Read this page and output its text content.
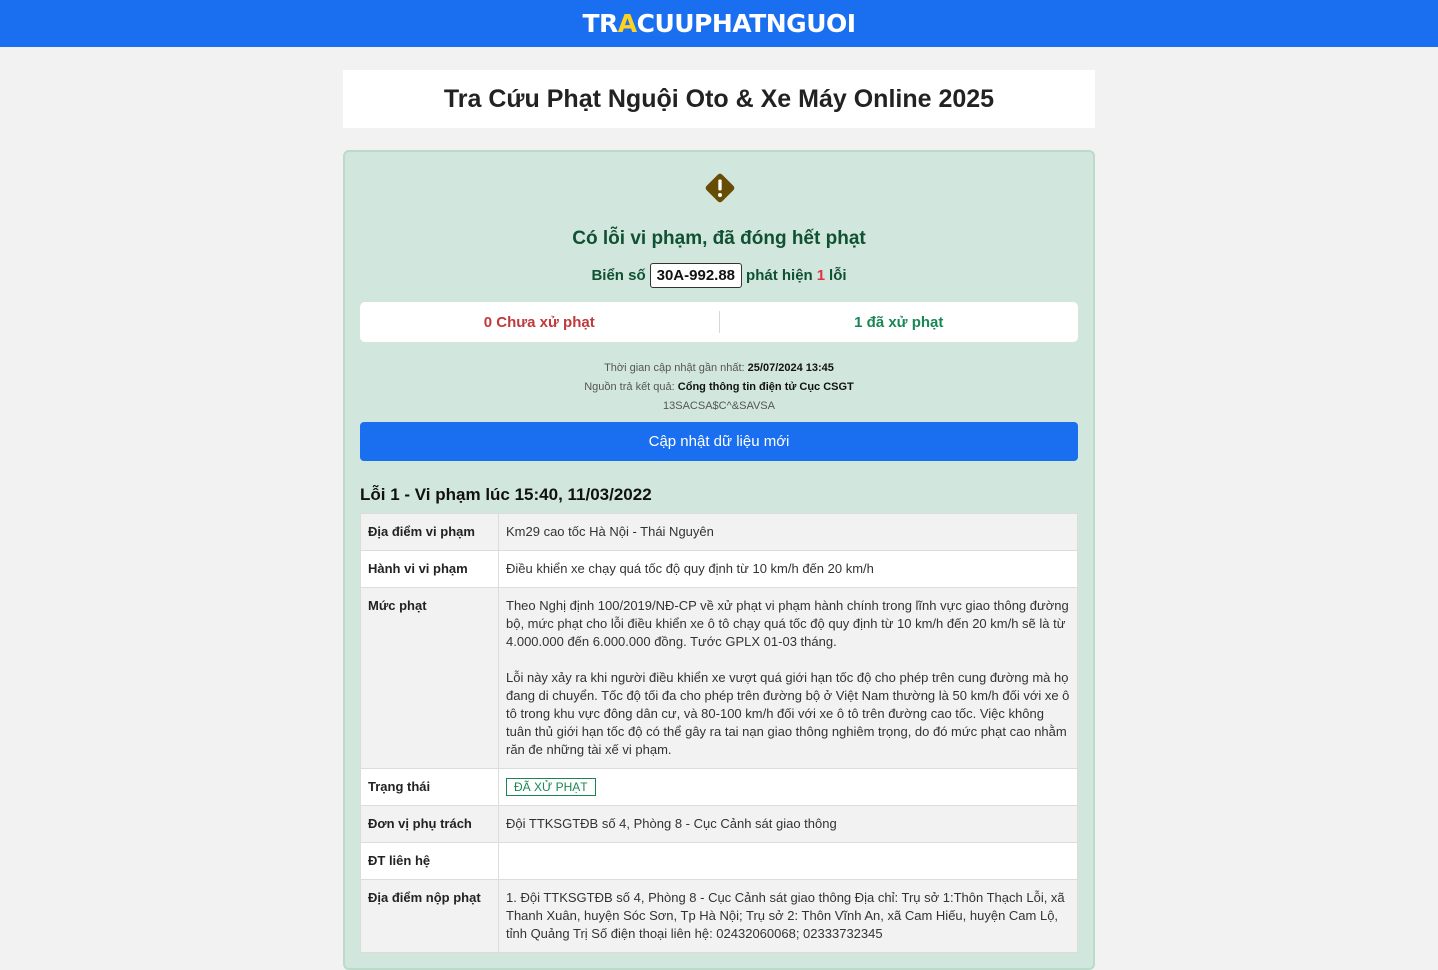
TRACUUPHATNGUOI
Tra Cứu Phạt Nguội Oto & Xe Máy Online 2025
Có lỗi vi phạm, đã đóng hết phạt
Biển số 30A-992.88 phát hiện 1 lỗi
0 Chưa xử phạt	1 đã xử phạt
Thời gian cập nhật gần nhất: 25/07/2024 13:45
Nguồn trả kết quả: Cổng thông tin điện tử Cục CSGT
13SACSA$C^&SAVSA
Cập nhật dữ liệu mới
Lỗi 1 - Vi phạm lúc 15:40, 11/03/2022
Địa điểm vi phạm	Km29 cao tốc Hà Nội - Thái Nguyên
Hành vi vi phạm	Điều khiển xe chạy quá tốc độ quy định từ 10 km/h đến 20 km/h
Mức phạt	Theo Nghị định 100/2019/NĐ-CP về xử phạt vi phạm hành chính trong lĩnh vực giao thông đường bộ, mức phạt cho lỗi điều khiển xe ô tô chạy quá tốc độ quy định từ 10 km/h đến 20 km/h sẽ là từ 4.000.000 đến 6.000.000 đồng. Tước GPLX 01-03 tháng.
Lỗi này xảy ra khi người điều khiển xe vượt quá giới hạn tốc độ cho phép trên cung đường mà họ đang di chuyển. Tốc độ tối đa cho phép trên đường bộ ở Việt Nam thường là 50 km/h đối với xe ô tô trong khu vực đông dân cư, và 80-100 km/h đối với xe ô tô trên đường cao tốc. Việc không tuân thủ giới hạn tốc độ có thể gây ra tai nạn giao thông nghiêm trọng, do đó mức phạt cao nhằm răn đe những tài xế vi phạm.

Trạng thái	ĐÃ XỬ PHẠT
Đơn vị phụ trách	Đội TTKSGTĐB số 4, Phòng 8 - Cục Cảnh sát giao thông
ĐT liên hệ	
Địa điểm nộp phạt	1. Đội TTKSGTĐB số 4, Phòng 8 - Cục Cảnh sát giao thông Địa chỉ: Trụ sở 1:Thôn Thạch Lỗi, xã Thanh Xuân, huyện Sóc Sơn, Tp Hà Nội; Trụ sở 2: Thôn Vĩnh An, xã Cam Hiếu, huyện Cam Lộ, tỉnh Quảng Trị Số điện thoại liên hệ: 02432060068; 02333732345
